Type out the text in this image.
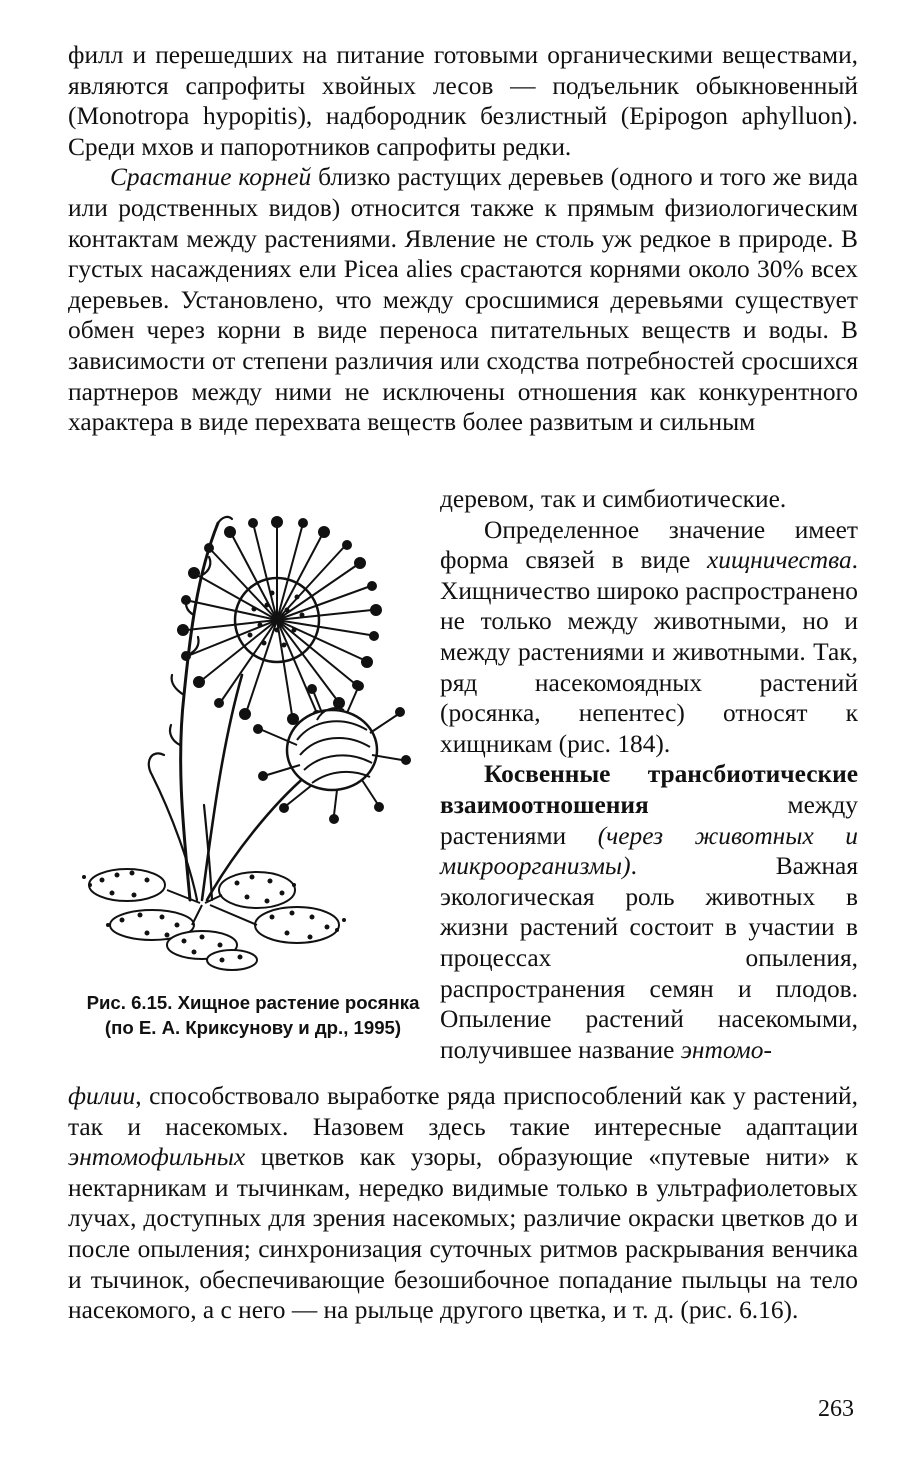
филл и перешедших на питание готовыми органическими веществами, являются сапрофиты хвойных лесов — подъельник обыкновенный (Monotropa hypopitis), надбородник безлистный (Epipogon aphylluon). Среди мхов и папоротников сапрофиты редки.

Срастание корней близко растущих деревьев (одного и того же вида или родственных видов) относится также к прямым физиологическим контактам между растениями. Явление не столь уж редкое в природе. В густых насаждениях ели Picea alies срастаются корнями около 30% всех деревьев. Установлено, что между сросшимися деревьями существует обмен через корни в виде переноса питательных веществ и воды. В зависимости от степени различия или сходства потребностей сросшихся партнеров между ними не исключены отношения как конкурентного характера в виде перехвата веществ более развитым и сильным

деревом, так и симбиотические.

Определенное значение имеет форма связей в виде хищничества. Хищничество широко распространено не только между животными, но и между растениями и животными. Так, ряд насекомоядных растений (росянка, непентес) относят к хищникам (рис. 184).

Косвенные трансбиотические взаимоотношения между растениями (через животных и микроорганизмы). Важная экологическая роль животных в жизни растений состоит в участии в процессах опыления, распространения семян и плодов. Опыление растений насекомыми, получившее название энтомо-

Рис. 6.15. Хищное растение росянка (по Е. А. Криксунову и др., 1995)

филии, способствовало выработке ряда приспособлений как у растений, так и насекомых. Назовем здесь такие интересные адаптации энтомофильных цветков как узоры, образующие «путевые нити» к нектарникам и тычинкам, нередко видимые только в ультрафиолетовых лучах, доступных для зрения насекомых; различие окраски цветков до и после опыления; синхронизация суточных ритмов раскрывания венчика и тычинок, обеспечивающие безошибочное попадание пыльцы на тело насекомого, а с него — на рыльце другого цветка, и т. д. (рис. 6.16).

263
